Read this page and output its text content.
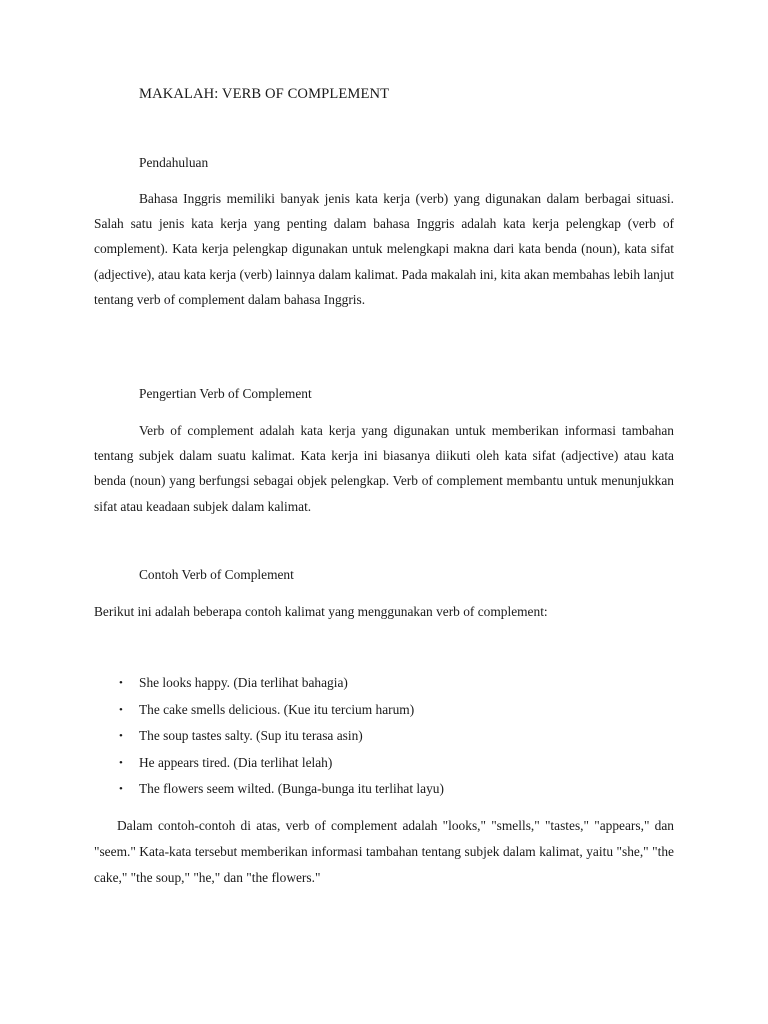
MAKALAH: VERB OF COMPLEMENT
Pendahuluan

Bahasa Inggris memiliki banyak jenis kata kerja (verb) yang digunakan dalam berbagai situasi. Salah satu jenis kata kerja yang penting dalam bahasa Inggris adalah kata kerja pelengkap (verb of complement). Kata kerja pelengkap digunakan untuk melengkapi makna dari kata benda (noun), kata sifat (adjective), atau kata kerja (verb) lainnya dalam kalimat. Pada makalah ini, kita akan membahas lebih lanjut tentang verb of complement dalam bahasa Inggris.

Pengertian Verb of Complement

Verb of complement adalah kata kerja yang digunakan untuk memberikan informasi tambahan tentang subjek dalam suatu kalimat. Kata kerja ini biasanya diikuti oleh kata sifat (adjective) atau kata benda (noun) yang berfungsi sebagai objek pelengkap. Verb of complement membantu untuk menunjukkan sifat atau keadaan subjek dalam kalimat.

Contoh Verb of Complement

Berikut ini adalah beberapa contoh kalimat yang menggunakan verb of complement:

• She looks happy. (Dia terlihat bahagia)
• The cake smells delicious. (Kue itu tercium harum)
• The soup tastes salty. (Sup itu terasa asin)
• He appears tired. (Dia terlihat lelah)
• The flowers seem wilted. (Bunga-bunga itu terlihat layu)

Dalam contoh-contoh di atas, verb of complement adalah "looks," "smells," "tastes," "appears," dan "seem." Kata-kata tersebut memberikan informasi tambahan tentang subjek dalam kalimat, yaitu "she," "the cake," "the soup," "he," dan "the flowers."
